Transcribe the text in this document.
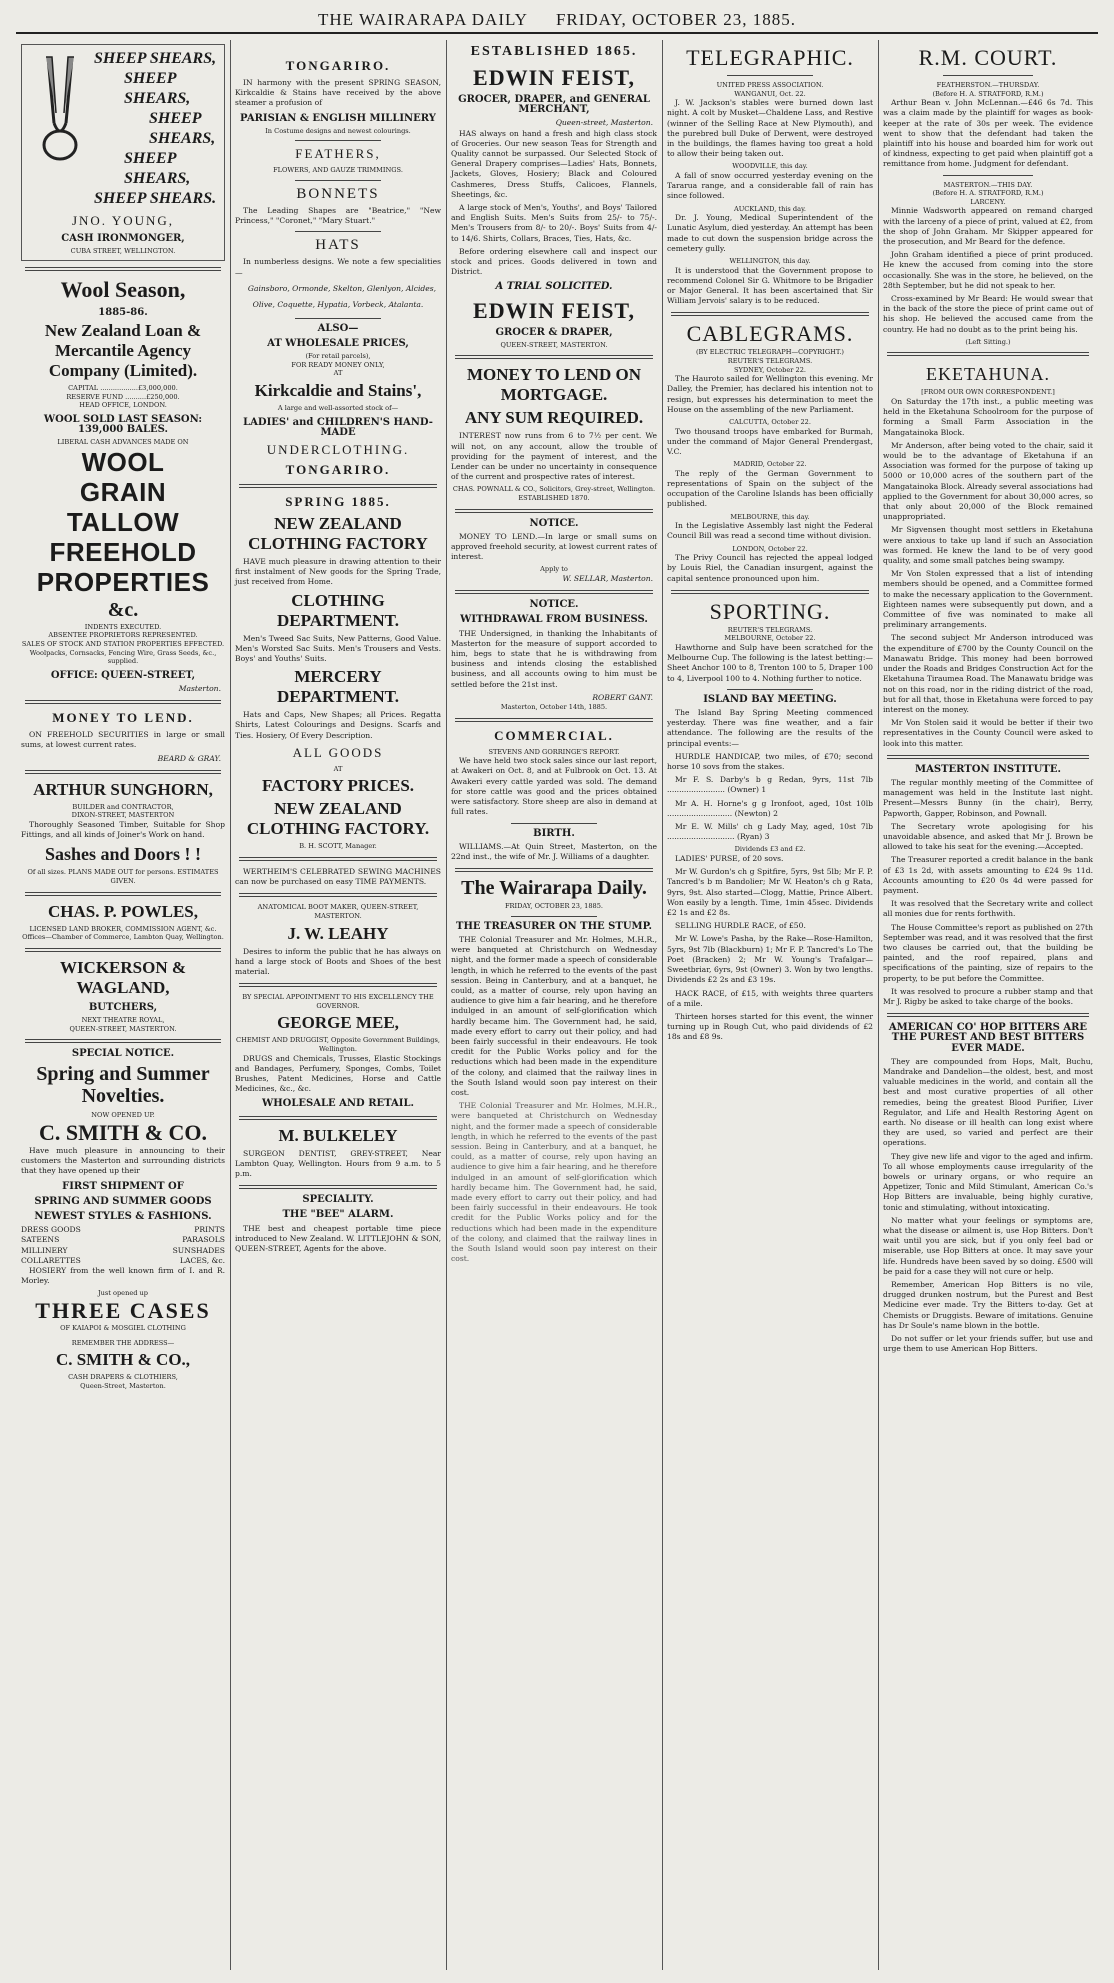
THE WAIRARAPA DAILY FRIDAY, OCTOBER 23, 1885.
SHEEP SHEARS,
SHEEP SHEARS,
SHEEP SHEARS,
SHEEP SHEARS,
SHEEP SHEARS.
JNO. YOUNG,
CASH IRONMONGER,
CUBA STREET, WELLINGTON.
Wool Season,
1885-86.
New Zealand Loan & Mercantile Agency Company (Limited).
CAPITAL ..................£3,000,000.
RESERVE FUND ..........£250,000.
HEAD OFFICE, LONDON.
WOOL SOLD LAST SEASON: 139,000 BALES.
LIBERAL CASH ADVANCES MADE ON
WOOL
GRAIN
TALLOW
FREEHOLD
PROPERTIES
&c.
INDENTS EXECUTED.
ABSENTEE PROPRIETORS REPRESENTED.
SALES OF STOCK AND STATION PROPERTIES EFFECTED.
Woolpacks, Cornsacks, Fencing Wire, Grass Seeds, &c., supplied.
OFFICE: QUEEN-STREET,
Masterton.
MONEY TO LEND.

ON FREEHOLD SECURITIES in large or small sums, at lowest current rates.

BEARD & GRAY.
ARTHUR SUNGHORN,
BUILDER and CONTRACTOR,
DIXON-STREET, MASTERTON

Thoroughly Seasoned Timber, Suitable for Shop Fittings, and all kinds of Joiner's Work on hand.

Sashes and Doors ! !
Of all sizes. PLANS MADE OUT for persons. ESTIMATES GIVEN.
CHAS. P. POWLES,
LICENSED LAND BROKER, COMMISSION AGENT, &c.
Offices—Chamber of Commerce, Lambton Quay, Wellington.
WICKERSON & WAGLAND,
BUTCHERS,
NEXT THEATRE ROYAL,
QUEEN-STREET, MASTERTON.
SPECIAL NOTICE.
Spring and Summer Novelties.
NOW OPENED UP.
C. SMITH & CO.

Have much pleasure in announcing to their customers the Masterton and surrounding districts that they have opened up their

FIRST SHIPMENT OF
SPRING AND SUMMER GOODS
NEWEST STYLES & FASHIONS.
DRESS GOODS	PRINTS
SATEENS	PARASOLS
MILLINERY	SUNSHADES
COLLARETTES	LACES, &c.

HOSIERY from the well known firm of I. and R. Morley.

Just opened up
THREE CASES
OF KAIAPOI & MOSGIEL CLOTHING
REMEMBER THE ADDRESS—
C. SMITH & CO.,
CASH DRAPERS & CLOTHIERS,
Queen-Street, Masterton.
TONGARIRO.

IN harmony with the present SPRING SEASON, Kirkcaldie & Stains have received by the above steamer a profusion of

PARISIAN & ENGLISH MILLINERY
In Costume designs and newest colourings.
FEATHERS,
FLOWERS, AND GAUZE TRIMMINGS.
BONNETS

The Leading Shapes are "Beatrice," "New Princess," "Coronet," "Mary Stuart."

HATS

In numberless designs. We note a few specialities—

Gainsboro, Ormonde, Skelton, Glenlyon, Alcides, Olive, Coquette, Hypatia, Vorbeck, Atalanta.

ALSO—
AT WHOLESALE PRICES,
(For retail parcels),
FOR READY MONEY ONLY,
AT
Kirkcaldie and Stains',
A large and well-assorted stock of—
LADIES' and CHILDREN'S HAND-MADE
UNDERCLOTHING.
TONGARIRO.
SPRING 1885.
NEW ZEALAND CLOTHING FACTORY

HAVE much pleasure in drawing attention to their first instalment of New goods for the Spring Trade, just received from Home.

CLOTHING DEPARTMENT.

Men's Tweed Sac Suits, New Patterns, Good Value. Men's Worsted Sac Suits. Men's Trousers and Vests. Boys' and Youths' Suits.

MERCERY DEPARTMENT.

Hats and Caps, New Shapes; all Prices. Regatta Shirts, Latest Colourings and Designs. Scarfs and Ties. Hosiery, Of Every Description.

ALL GOODS
AT
FACTORY PRICES.
NEW ZEALAND CLOTHING FACTORY.
B. H. SCOTT, Manager.

WERTHEIM'S CELEBRATED SEWING MACHINES can now be purchased on easy TIME PAYMENTS.

ANATOMICAL BOOT MAKER, QUEEN-STREET, MASTERTON.
J. W. LEAHY

Desires to inform the public that he has always on hand a large stock of Boots and Shoes of the best material.

BY SPECIAL APPOINTMENT TO HIS EXCELLENCY THE GOVERNOR.
GEORGE MEE,
CHEMIST AND DRUGGIST, Opposite Government Buildings, Wellington.

DRUGS and Chemicals, Trusses, Elastic Stockings and Bandages, Perfumery, Sponges, Combs, Toilet Brushes, Patent Medicines, Horse and Cattle Medicines, &c., &c.

WHOLESALE AND RETAIL.
M. BULKELEY

SURGEON DENTIST, GREY-STREET, Near Lambton Quay, Wellington. Hours from 9 a.m. to 5 p.m.

SPECIALITY.
THE "BEE" ALARM.

THE best and cheapest portable time piece introduced to New Zealand. W. LITTLEJOHN & SON, QUEEN-STREET, Agents for the above.

ESTABLISHED 1865.
EDWIN FEIST,
GROCER, DRAPER, and GENERAL MERCHANT,
Queen-street, Masterton.

HAS always on hand a fresh and high class stock of Groceries. Our new season Teas for Strength and Quality cannot be surpassed. Our Selected Stock of General Drapery comprises—Ladies' Hats, Bonnets, Jackets, Gloves, Hosiery; Black and Coloured Cashmeres, Dress Stuffs, Calicoes, Flannels, Sheetings, &c.

A large stock of Men's, Youths', and Boys' Tailored and English Suits. Men's Suits from 25/- to 75/-. Men's Trousers from 8/- to 20/-. Boys' Suits from 4/- to 14/6. Shirts, Collars, Braces, Ties, Hats, &c.

Before ordering elsewhere call and inspect our stock and prices. Goods delivered in town and District.

A TRIAL SOLICITED.
EDWIN FEIST,
GROCER & DRAPER,
QUEEN-STREET, MASTERTON.
MONEY TO LEND ON MORTGAGE.
ANY SUM REQUIRED.

INTEREST now runs from 6 to 7½ per cent. We will not, on any account, allow the trouble of providing for the payment of interest, and the Lender can be under no uncertainty in consequence of the current and prospective rates of interest.

CHAS. POWNALL & CO., Solicitors, Grey-street, Wellington.
ESTABLISHED 1870.
NOTICE.

MONEY TO LEND.—In large or small sums on approved freehold security, at lowest current rates of interest.

Apply to
W. SELLAR, Masterton.
NOTICE.
WITHDRAWAL FROM BUSINESS.

THE Undersigned, in thanking the Inhabitants of Masterton for the measure of support accorded to him, begs to state that he is withdrawing from business and intends closing the established business, and all accounts owing to him must be settled before the 21st inst.

ROBERT GANT.
Masterton, October 14th, 1885.
COMMERCIAL.
STEVENS AND GORRINGE'S REPORT.

We have held two stock sales since our last report, at Awakeri on Oct. 8, and at Fulbrook on Oct. 13. At Awakeri every cattle yarded was sold. The demand for store cattle was good and the prices obtained were satisfactory. Store sheep are also in demand at full rates.

BIRTH.

WILLIAMS.—At Quin Street, Masterton, on the 22nd inst., the wife of Mr. J. Williams of a daughter.

The Wairarapa Daily.
FRIDAY, OCTOBER 23, 1885.
THE TREASURER ON THE STUMP.

THE Colonial Treasurer and Mr. Holmes, M.H.R., were banqueted at Christchurch on Wednesday night, and the former made a speech of considerable length, in which he referred to the events of the past session. Being in Canterbury, and at a banquet, he could, as a matter of course, rely upon having an audience to give him a fair hearing, and he therefore indulged in an amount of self-glorification which hardly became him. The Government had, he said, made every effort to carry out their policy, and had been fairly successful in their endeavours. He took credit for the Public Works policy and for the reductions which had been made in the expenditure of the colony, and claimed that the railway lines in the South Island would soon pay interest on their cost.

THE Colonial Treasurer and Mr. Holmes, M.H.R., were banqueted at Christchurch on Wednesday night, and the former made a speech of considerable length, in which he referred to the events of the past session. Being in Canterbury, and at a banquet, he could, as a matter of course, rely upon having an audience to give him a fair hearing, and he therefore indulged in an amount of self-glorification which hardly became him. The Government had, he said, made every effort to carry out their policy, and had been fairly successful in their endeavours. He took credit for the Public Works policy and for the reductions which had been made in the expenditure of the colony, and claimed that the railway lines in the South Island would soon pay interest on their cost.

TELEGRAPHIC.
UNITED PRESS ASSOCIATION.
WANGANUI, Oct. 22.

J. W. Jackson's stables were burned down last night. A colt by Musket—Chaldene Lass, and Restive (winner of the Selling Race at New Plymouth), and the purebred bull Duke of Derwent, were destroyed in the buildings, the flames having too great a hold to allow their being taken out.

WOODVILLE, this day.

A fall of snow occurred yesterday evening on the Tararua range, and a considerable fall of rain has since followed.

AUCKLAND, this day.

Dr. J. Young, Medical Superintendent of the Lunatic Asylum, died yesterday. An attempt has been made to cut down the suspension bridge across the cemetery gully.

WELLINGTON, this day.

It is understood that the Government propose to recommend Colonel Sir G. Whitmore to be Brigadier or Major General. It has been ascertained that Sir William Jervois' salary is to be reduced.

CABLEGRAMS.
(BY ELECTRIC TELEGRAPH—COPYRIGHT.)
REUTER'S TELEGRAMS.
SYDNEY, October 22.

The Hauroto sailed for Wellington this evening. Mr Dalley, the Premier, has declared his intention not to resign, but expresses his determination to meet the House on the assembling of the new Parliament.

CALCUTTA, October 22.

Two thousand troops have embarked for Burmah, under the command of Major General Prendergast, V.C.

MADRID, October 22.

The reply of the German Government to representations of Spain on the subject of the occupation of the Caroline Islands has been officially published.

MELBOURNE, this day.

In the Legislative Assembly last night the Federal Council Bill was read a second time without division.

LONDON, October 22.

The Privy Council has rejected the appeal lodged by Louis Riel, the Canadian insurgent, against the capital sentence pronounced upon him.

SPORTING.
REUTER'S TELEGRAMS.
MELBOURNE, October 22.

Hawthorne and Sulp have been scratched for the Melbourne Cup. The following is the latest betting:—Sheet Anchor 100 to 8, Trenton 100 to 5, Draper 100 to 4, Liverpool 100 to 4. Nothing further to notice.

ISLAND BAY MEETING.

The Island Bay Spring Meeting commenced yesterday. There was fine weather, and a fair attendance. The following are the results of the principal events:—

HURDLE HANDICAP, two miles, of £70; second horse 10 sovs from the stakes.

Mr F. S. Darby's b g Redan, 9yrs, 11st 7lb ........................ (Owner) 1

Mr A. H. Horne's g g Ironfoot, aged, 10st 10lb ........................... (Newton) 2

Mr E. W. Mills' ch g Lady May, aged, 10st 7lb ............................ (Ryan) 3

Dividends £3 and £2.

LADIES' PURSE, of 20 sovs.

Mr W. Gurdon's ch g Spitfire, 5yrs, 9st 5lb; Mr F. P. Tancred's b m Bandolier; Mr W. Heaton's ch g Rata, 9yrs, 9st. Also started—Clogg, Mattie, Prince Albert. Won easily by a length. Time, 1min 45sec. Dividends £2 1s and £2 8s.

SELLING HURDLE RACE, of £50.

Mr W. Lowe's Pasha, by the Rake—Rose-Hamilton, 5yrs, 9st 7lb (Blackburn) 1; Mr F. P. Tancred's Lo The Poet (Bracken) 2; Mr W. Young's Trafalgar—Sweetbriar, 6yrs, 9st (Owner) 3. Won by two lengths. Dividends £2 2s and £3 19s.

HACK RACE, of £15, with weights three quarters of a mile.

Thirteen horses started for this event, the winner turning up in Rough Cut, who paid dividends of £2 18s and £8 9s.

R.M. COURT.
FEATHERSTON.—THURSDAY.
(Before H. A. STRATFORD, R.M.)

Arthur Bean v. John McLennan.—£46 6s 7d. This was a claim made by the plaintiff for wages as book-keeper at the rate of 30s per week. The evidence went to show that the defendant had taken the plaintiff into his house and boarded him for work out of kindness, expecting to get paid when plaintiff got a remittance from home. Judgment for defendant.

MASTERTON.—THIS DAY.
(Before H. A. STRATFORD, R.M.)
LARCENY.

Minnie Wadsworth appeared on remand charged with the larceny of a piece of print, valued at £2, from the shop of John Graham. Mr Skipper appeared for the prosecution, and Mr Beard for the defence.

John Graham identified a piece of print produced. He knew the accused from coming into the store occasionally. She was in the store, he believed, on the 28th September, but he did not speak to her.

Cross-examined by Mr Beard: He would swear that in the back of the store the piece of print came out of his shop. He believed the accused came from the country. He had no doubt as to the print being his.

(Left Sitting.)
EKETAHUNA.
[FROM OUR OWN CORRESPONDENT.]

On Saturday the 17th inst., a public meeting was held in the Eketahuna Schoolroom for the purpose of forming a Small Farm Association in the Mangatainoka Block.

Mr Anderson, after being voted to the chair, said it would be to the advantage of Eketahuna if an Association was formed for the purpose of taking up 5000 or 10,000 acres of the southern part of the Mangatainoka Block. Already several associations had applied to the Government for about 30,000 acres, so that only about 20,000 of the Block remained unappropriated.

Mr Sigvensen thought most settlers in Eketahuna were anxious to take up land if such an Association was formed. He knew the land to be of very good quality, and some small patches being swampy.

Mr Von Stolen expressed that a list of intending members should be opened, and a Committee formed to make the necessary application to the Government. Eighteen names were subsequently put down, and a Committee of five was nominated to make all preliminary arrangements.

The second subject Mr Anderson introduced was the expenditure of £700 by the County Council on the Manawatu Bridge. This money had been borrowed under the Roads and Bridges Construction Act for the Eketahuna Tiraumea Road. The Manawatu bridge was not on this road, nor in the riding district of the road, but for all that, those in Eketahuna were forced to pay interest on the money.

Mr Von Stolen said it would be better if their two representatives in the County Council were asked to look into this matter.

MASTERTON INSTITUTE.

The regular monthly meeting of the Committee of management was held in the Institute last night. Present—Messrs Bunny (in the chair), Berry, Papworth, Gapper, Robinson, and Pownall.

The Secretary wrote apologising for his unavoidable absence, and asked that Mr J. Brown be allowed to take his seat for the evening.—Accepted.

The Treasurer reported a credit balance in the bank of £3 1s 2d, with assets amounting to £24 9s 11d. Accounts amounting to £20 0s 4d were passed for payment.

It was resolved that the Secretary write and collect all monies due for rents forthwith.

The House Committee's report as published on 27th September was read, and it was resolved that the first two clauses be carried out, that the building be painted, and the roof repaired, plans and specifications of the painting, size of repairs to the property, to be put before the Committee.

It was resolved to procure a rubber stamp and that Mr J. Rigby be asked to take charge of the books.

AMERICAN CO' HOP BITTERS ARE THE PUREST AND BEST BITTERS EVER MADE.

They are compounded from Hops, Malt, Buchu, Mandrake and Dandelion—the oldest, best, and most valuable medicines in the world, and contain all the best and most curative properties of all other remedies, being the greatest Blood Purifier, Liver Regulator, and Life and Health Restoring Agent on earth. No disease or ill health can long exist where they are used, so varied and perfect are their operations.

They give new life and vigor to the aged and infirm. To all whose employments cause irregularity of the bowels or urinary organs, or who require an Appetizer, Tonic and Mild Stimulant, American Co.'s Hop Bitters are invaluable, being highly curative, tonic and stimulating, without intoxicating.

No matter what your feelings or symptoms are, what the disease or ailment is, use Hop Bitters. Don't wait until you are sick, but if you only feel bad or miserable, use Hop Bitters at once. It may save your life. Hundreds have been saved by so doing. £500 will be paid for a case they will not cure or help.

Remember, American Hop Bitters is no vile, drugged drunken nostrum, but the Purest and Best Medicine ever made. Try the Bitters to-day. Get at Chemists or Druggists. Beware of imitations. Genuine has Dr Soule's name blown in the bottle.

Do not suffer or let your friends suffer, but use and urge them to use American Hop Bitters.
